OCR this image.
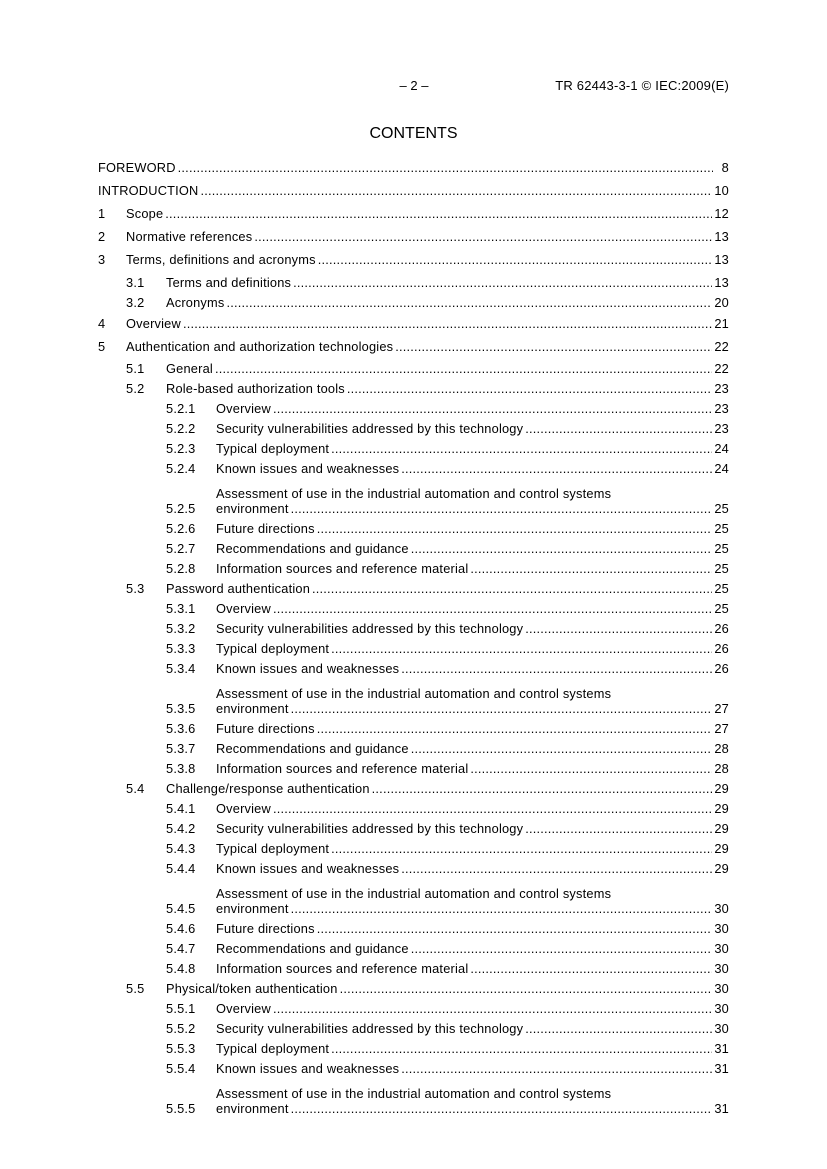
– 2 –	TR 62443-3-1 © IEC:2009(E)
CONTENTS
FOREWORD .....	8
INTRODUCTION .....	10
1	Scope .....	12
2	Normative references .....	13
3	Terms, definitions and acronyms .....	13
3.1	Terms and definitions .....	13
3.2	Acronyms .....	20
4	Overview .....	21
5	Authentication and authorization technologies .....	22
5.1	General .....	22
5.2	Role-based authorization tools .....	23
5.2.1	Overview .....	23
5.2.2	Security vulnerabilities addressed by this technology .....	23
5.2.3	Typical deployment .....	24
5.2.4	Known issues and weaknesses .....	24
5.2.5
Assessment of use in the industrial automation and control systems
environment .....	25
5.2.6	Future directions .....	25
5.2.7	Recommendations and guidance .....	25
5.2.8	Information sources and reference material .....	25
5.3	Password authentication .....	25
5.3.1	Overview .....	25
5.3.2	Security vulnerabilities addressed by this technology .....	26
5.3.3	Typical deployment .....	26
5.3.4	Known issues and weaknesses .....	26
5.3.5
Assessment of use in the industrial automation and control systems
environment .....	27
5.3.6	Future directions .....	27
5.3.7	Recommendations and guidance .....	28
5.3.8	Information sources and reference material .....	28
5.4	Challenge/response authentication .....	29
5.4.1	Overview .....	29
5.4.2	Security vulnerabilities addressed by this technology .....	29
5.4.3	Typical deployment .....	29
5.4.4	Known issues and weaknesses .....	29
5.4.5
Assessment of use in the industrial automation and control systems
environment .....	30
5.4.6	Future directions .....	30
5.4.7	Recommendations and guidance .....	30
5.4.8	Information sources and reference material .....	30
5.5	Physical/token authentication .....	30
5.5.1	Overview .....	30
5.5.2	Security vulnerabilities addressed by this technology .....	30
5.5.3	Typical deployment .....	31
5.5.4	Known issues and weaknesses .....	31
5.5.5
Assessment of use in the industrial automation and control systems
environment .....	31
